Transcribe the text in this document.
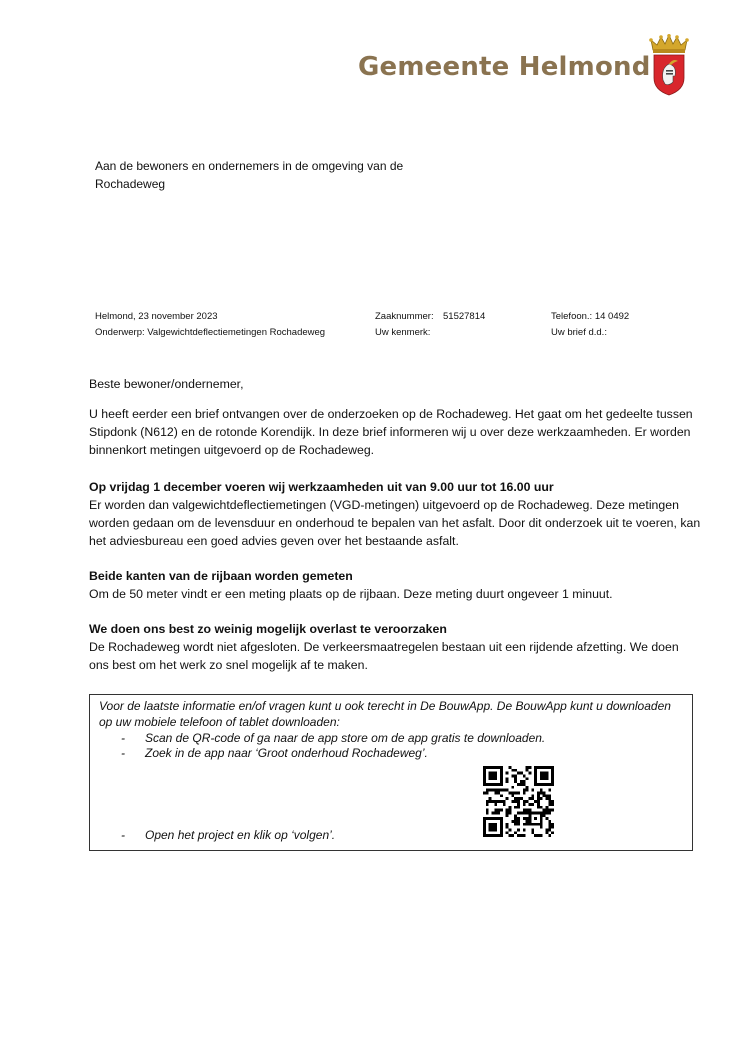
Gemeente Helmond
Aan de bewoners en ondernemers in de omgeving van de
Rochadeweg
Helmond, 23 november 2023
Onderwerp: Valgewichtdeflectiemetingen Rochadeweg
Zaaknummer: 51527814
Uw kenmerk:
Telefoon.: 14 0492
Uw brief d.d.:
Beste bewoner/ondernemer,

U heeft eerder een brief ontvangen over de onderzoeken op de Rochadeweg. Het gaat om het gedeelte tussen Stipdonk (N612) en de rotonde Korendijk. In deze brief informeren wij u over deze werkzaamheden. Er worden binnenkort metingen uitgevoerd op de Rochadeweg.

Op vrijdag 1 december voeren wij werkzaamheden uit van 9.00 uur tot 16.00 uur

Er worden dan valgewichtdeflectiemetingen (VGD-metingen) uitgevoerd op de Rochadeweg. Deze metingen worden gedaan om de levensduur en onderhoud te bepalen van het asfalt. Door dit onderzoek uit te voeren, kan het adviesbureau een goed advies geven over het bestaande asfalt.

Beide kanten van de rijbaan worden gemeten

Om de 50 meter vindt er een meting plaats op de rijbaan. Deze meting duurt ongeveer 1 minuut.

We doen ons best zo weinig mogelijk overlast te veroorzaken

De Rochadeweg wordt niet afgesloten. De verkeersmaatregelen bestaan uit een rijdende afzetting. We doen ons best om het werk zo snel mogelijk af te maken.

Voor de laatste informatie en/of vragen kunt u ook terecht in De BouwApp. De BouwApp kunt u downloaden op uw mobiele telefoon of tablet downloaden:
- Scan de QR-code of ga naar de app store om de app gratis te downloaden.
- Zoek in de app naar ‘Groot onderhoud Rochadeweg’.
- Open het project en klik op ‘volgen’.
